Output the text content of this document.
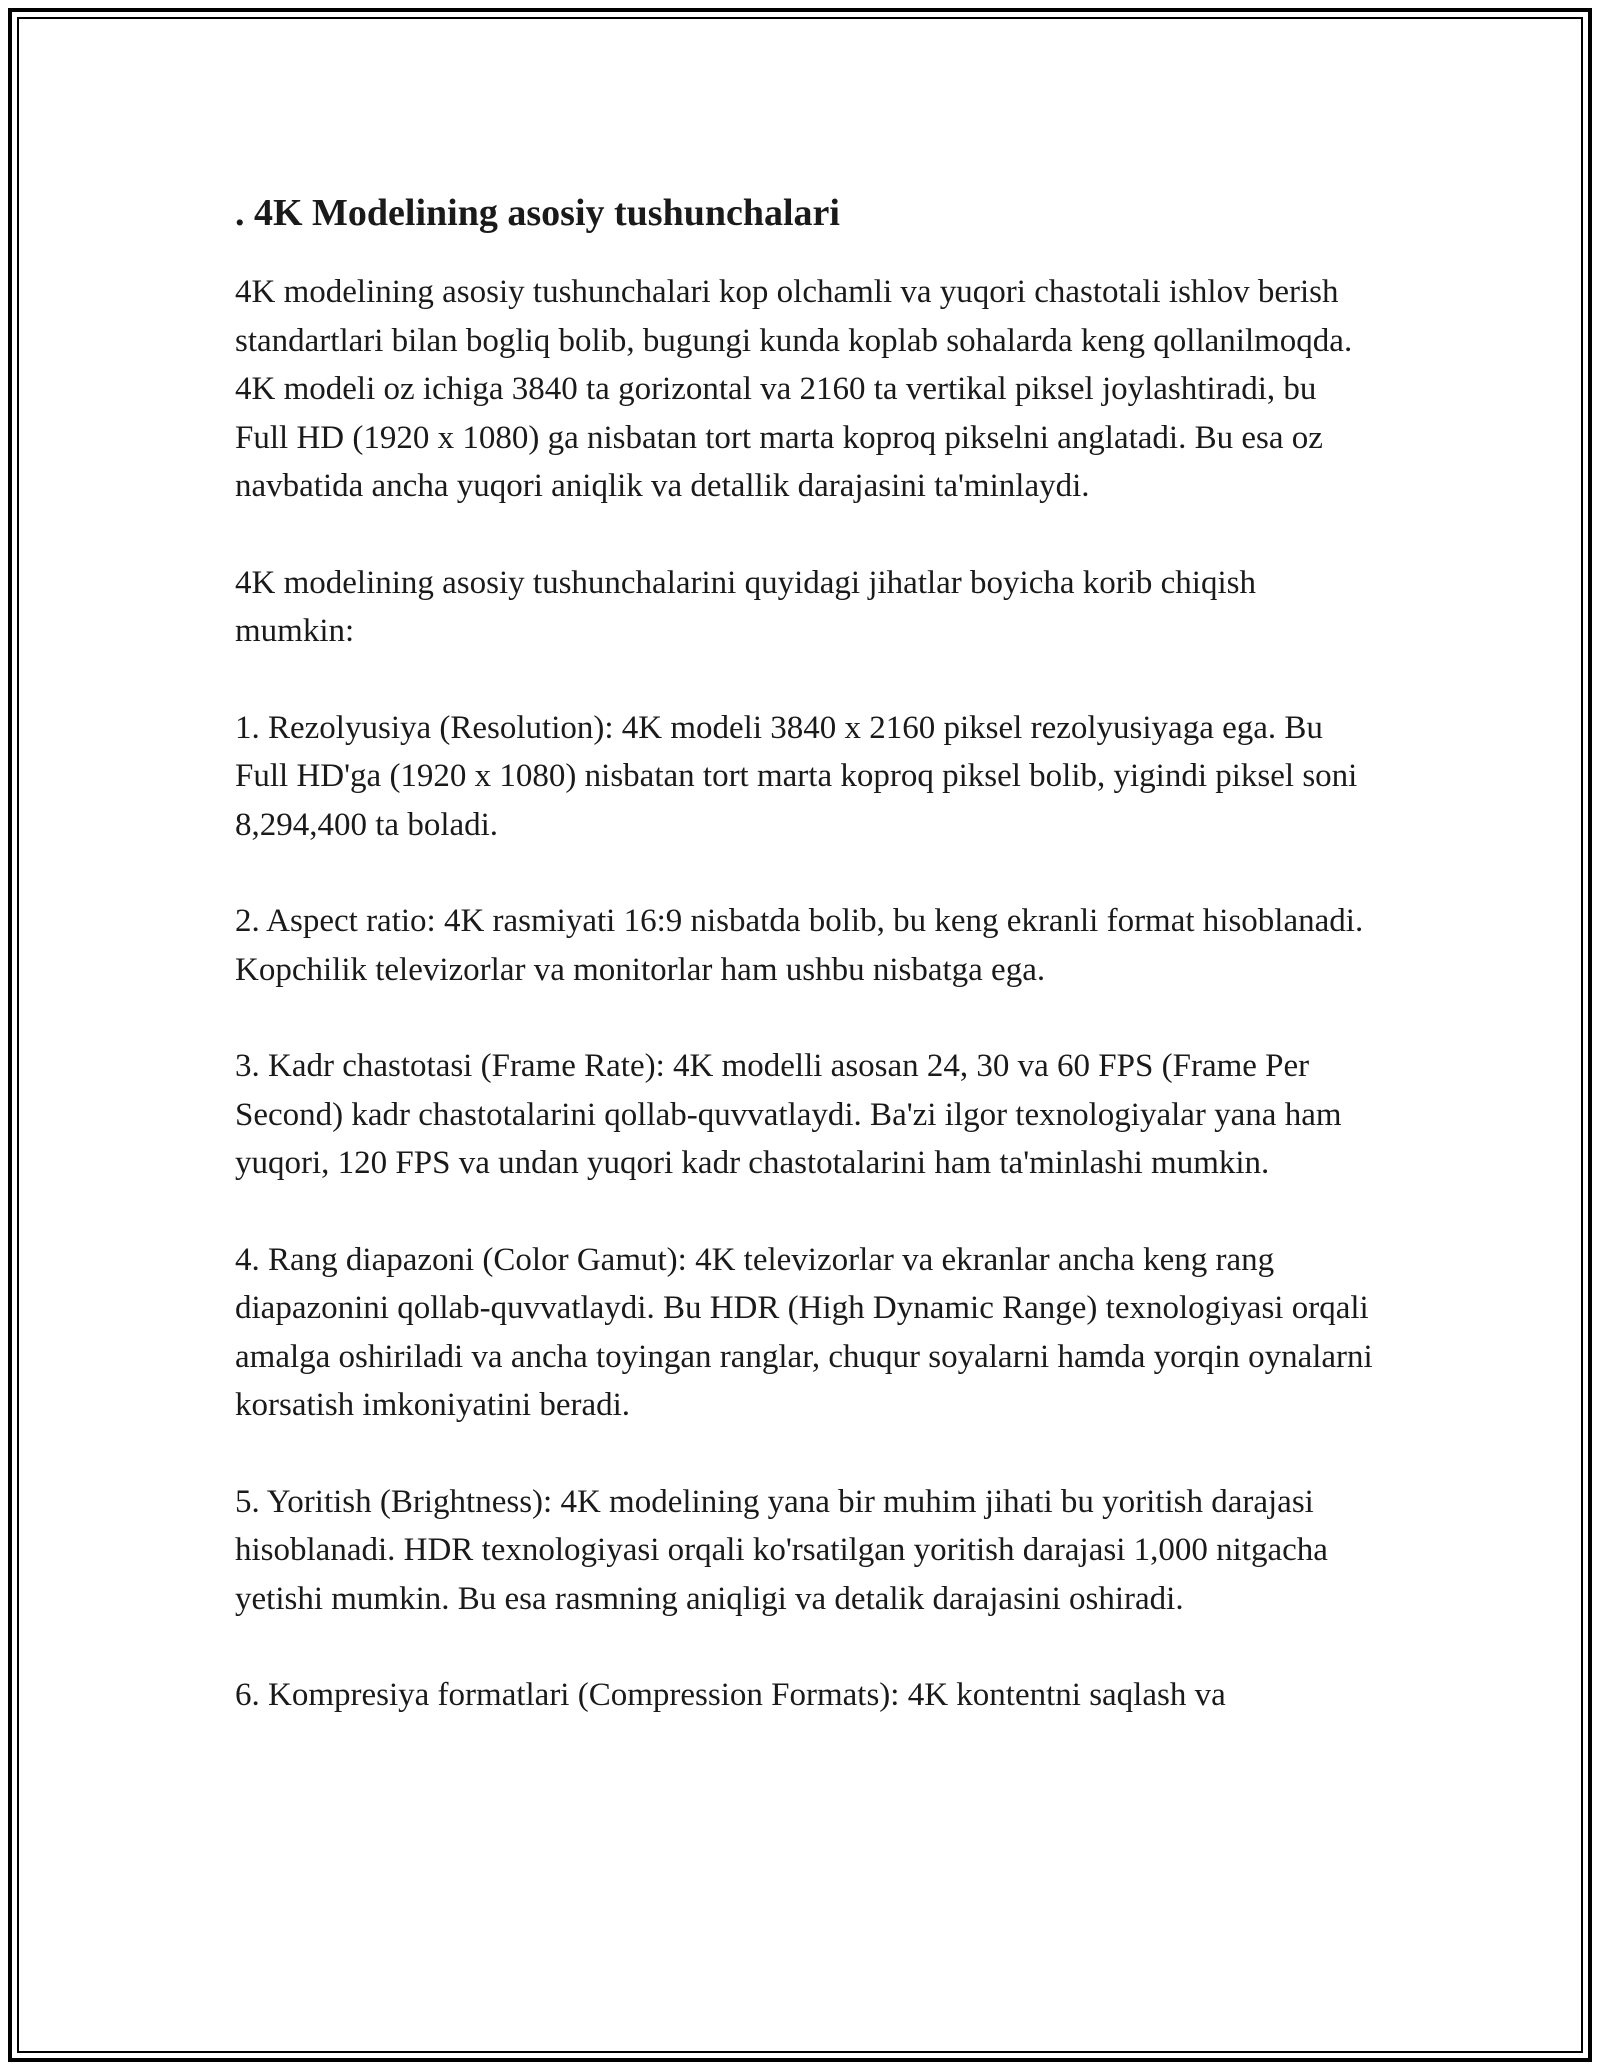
. 4K Modelining asosiy tushunchalari

4K modelining asosiy tushunchalari kop olchamli va yuqori chastotali ishlov berish standartlari bilan bogliq bolib, bugungi kunda koplab sohalarda keng qollanilmoqda. 4K modeli oz ichiga 3840 ta gorizontal va 2160 ta vertikal piksel joylashtiradi, bu Full HD (1920 x 1080) ga nisbatan tort marta koproq pikselni anglatadi. Bu esa oz navbatida ancha yuqori aniqlik va detallik darajasini ta'minlaydi.

4K modelining asosiy tushunchalarini quyidagi jihatlar boyicha korib chiqish mumkin:

1. Rezolyusiya (Resolution): 4K modeli 3840 x 2160 piksel rezolyusiyaga ega. Bu Full HD'ga (1920 x 1080) nisbatan tort marta koproq piksel bolib, yigindi piksel soni 8,294,400 ta boladi.

2. Aspect ratio: 4K rasmiyati 16:9 nisbatda bolib, bu keng ekranli format hisoblanadi. Kopchilik televizorlar va monitorlar ham ushbu nisbatga ega.

3. Kadr chastotasi (Frame Rate): 4K modelli asosan 24, 30 va 60 FPS (Frame Per Second) kadr chastotalarini qollab-quvvatlaydi. Ba'zi ilgor texnologiyalar yana ham yuqori, 120 FPS va undan yuqori kadr chastotalarini ham ta'minlashi mumkin.

4. Rang diapazoni (Color Gamut): 4K televizorlar va ekranlar ancha keng rang diapazonini qollab-quvvatlaydi. Bu HDR (High Dynamic Range) texnologiyasi orqali amalga oshiriladi va ancha toyingan ranglar, chuqur soyalarni hamda yorqin oynalarni korsatish imkoniyatini beradi.

5. Yoritish (Brightness): 4K modelining yana bir muhim jihati bu yoritish darajasi hisoblanadi. HDR texnologiyasi orqali ko'rsatilgan yoritish darajasi 1,000 nitgacha yetishi mumkin. Bu esa rasmning aniqligi va detalik darajasini oshiradi.

6. Kompresiya formatlari (Compression Formats): 4K kontentni saqlash va
